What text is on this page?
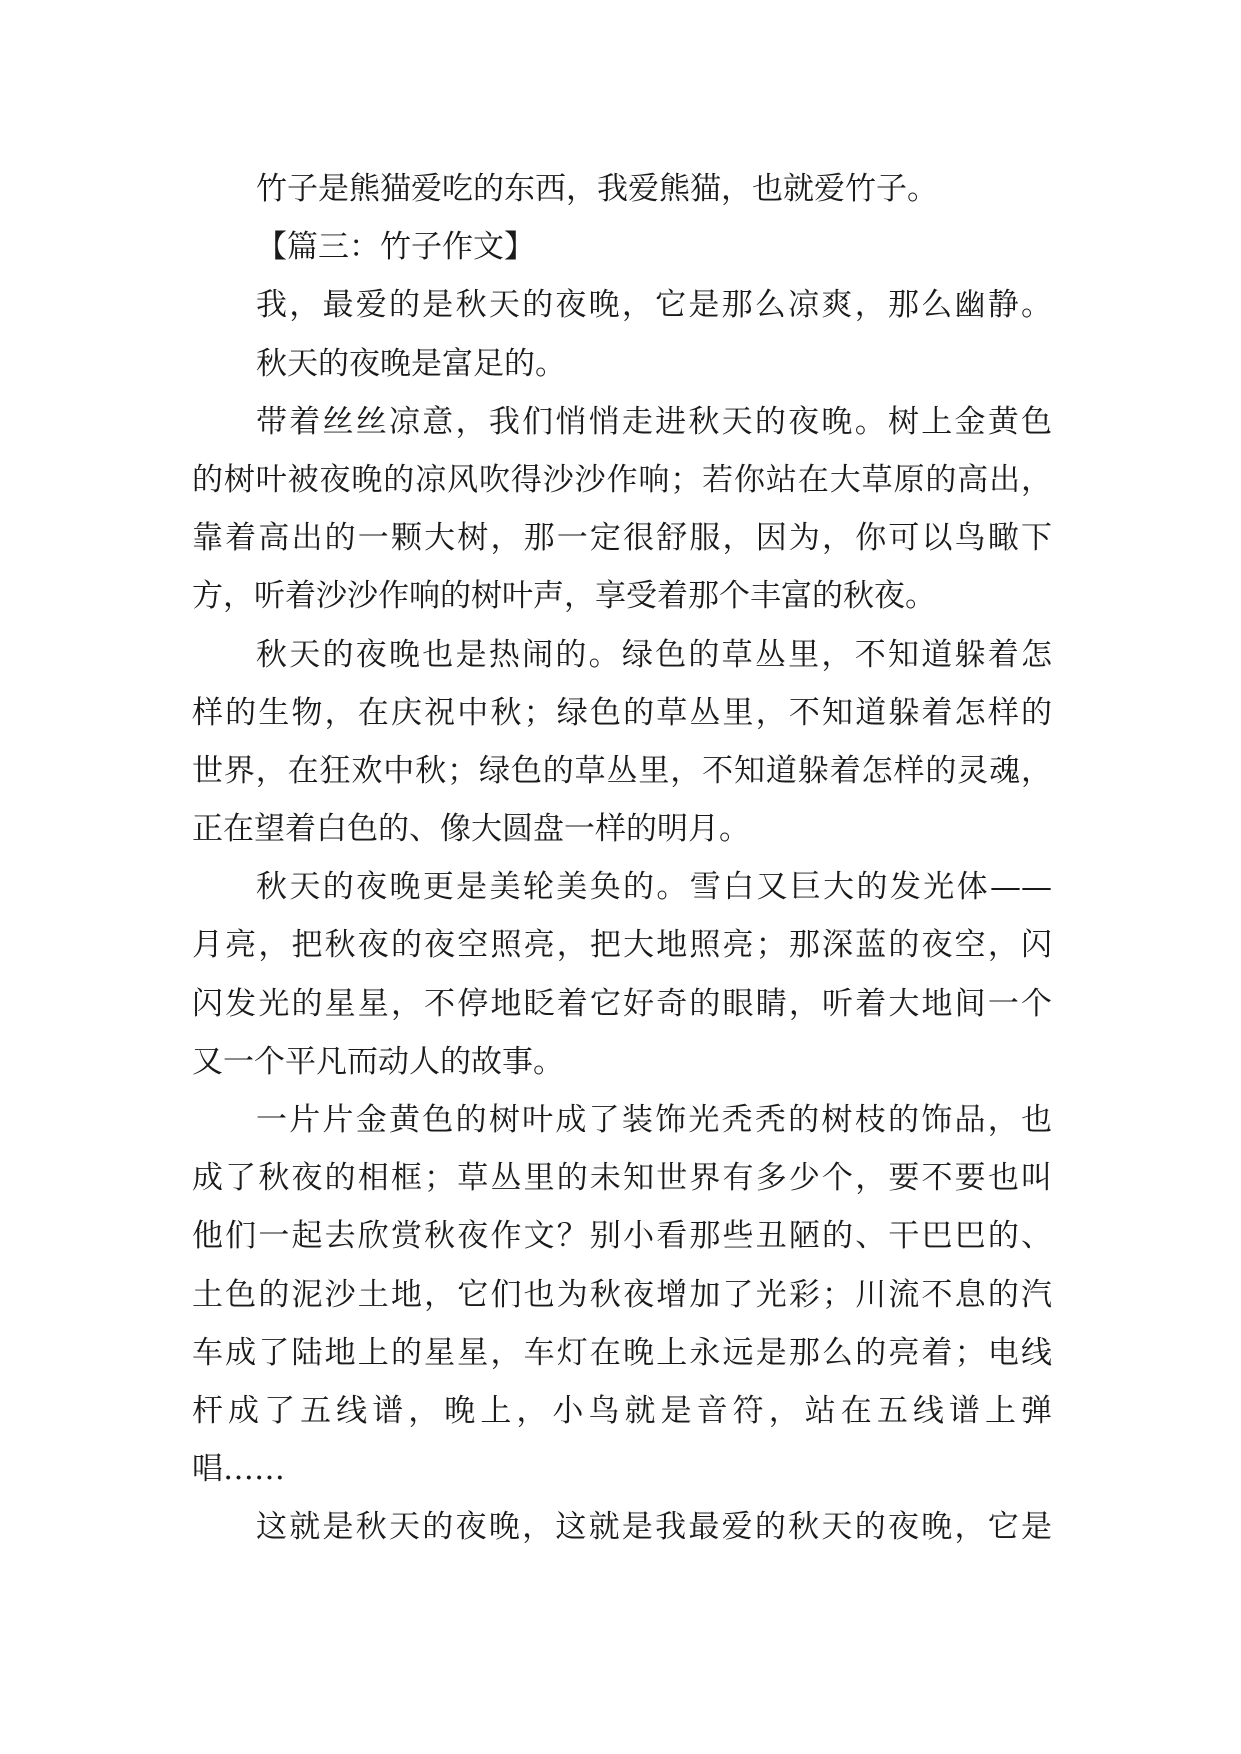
竹子是熊猫爱吃的东西，我爱熊猫，也就爱竹子。
【篇三：竹子作文】
我，最爱的是秋天的夜晚，它是那么凉爽，那么幽静。
秋天的夜晚是富足的。
带着丝丝凉意，我们悄悄走进秋天的夜晚。树上金黄色
的树叶被夜晚的凉风吹得沙沙作响；若你站在大草原的高出，
靠着高出的一颗大树，那一定很舒服，因为，你可以鸟瞰下
方，听着沙沙作响的树叶声，享受着那个丰富的秋夜。
秋天的夜晚也是热闹的。绿色的草丛里，不知道躲着怎
样的生物，在庆祝中秋；绿色的草丛里，不知道躲着怎样的
世界，在狂欢中秋；绿色的草丛里，不知道躲着怎样的灵魂，
正在望着白色的、像大圆盘一样的明月。
秋天的夜晚更是美轮美奂的。雪白又巨大的发光体——
月亮，把秋夜的夜空照亮，把大地照亮；那深蓝的夜空，闪
闪发光的星星，不停地眨着它好奇的眼睛，听着大地间一个
又一个平凡而动人的故事。
一片片金黄色的树叶成了装饰光秃秃的树枝的饰品，也
成了秋夜的相框；草丛里的未知世界有多少个，要不要也叫
他们一起去欣赏秋夜作文？别小看那些丑陋的、干巴巴的、
土色的泥沙土地，它们也为秋夜增加了光彩；川流不息的汽
车成了陆地上的星星，车灯在晚上永远是那么的亮着；电线
杆成了五线谱，晚上，小鸟就是音符，站在五线谱上弹
唱……
这就是秋天的夜晚，这就是我最爱的秋天的夜晚，它是
